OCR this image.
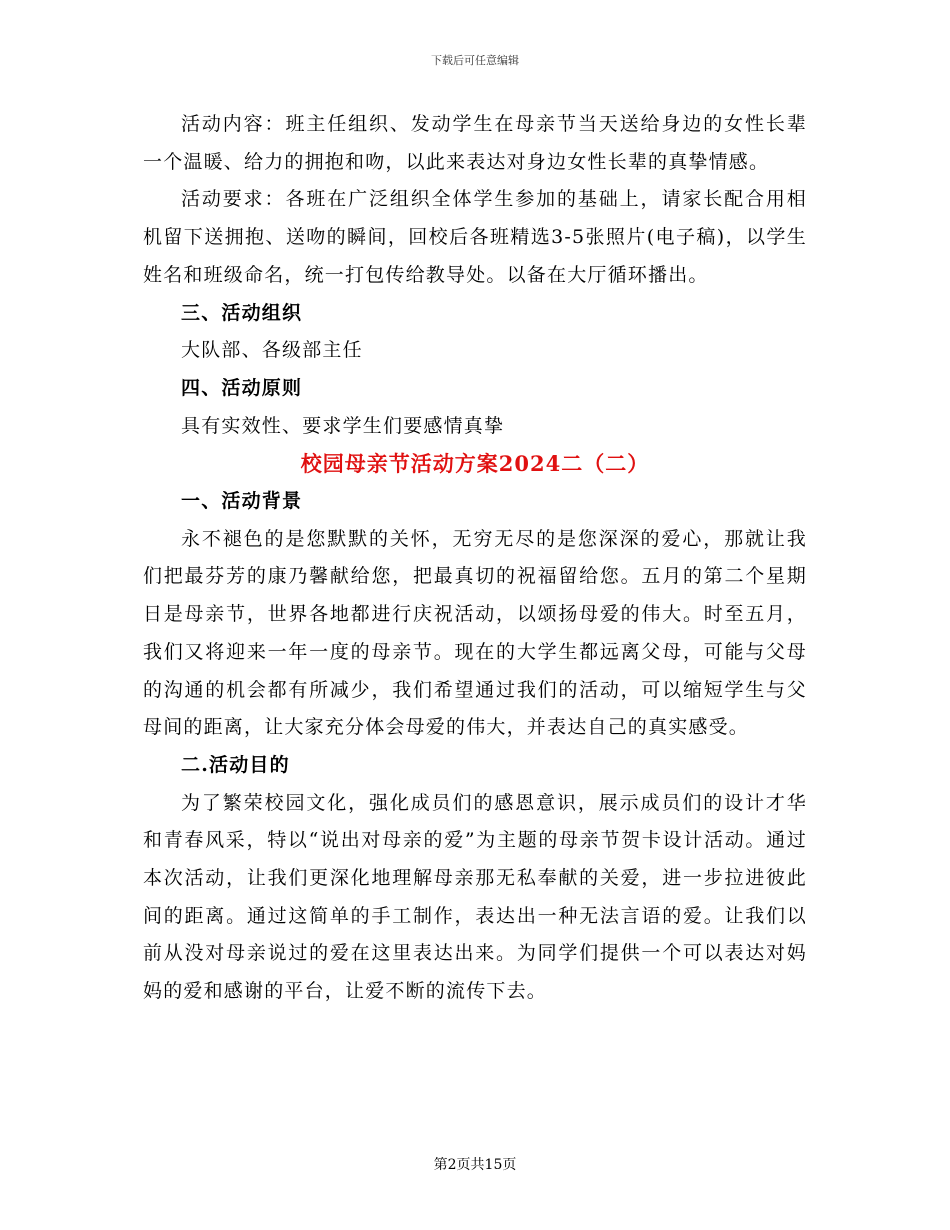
下载后可任意编辑

活动内容：班主任组织、发动学生在母亲节当天送给身边的女性长辈一个温暖、给力的拥抱和吻，以此来表达对身边女性长辈的真挚情感。

活动要求：各班在广泛组织全体学生参加的基础上，请家长配合用相机留下送拥抱、送吻的瞬间，回校后各班精选3-5张照片(电子稿)，以学生姓名和班级命名，统一打包传给教导处。以备在大厅循环播出。

三、活动组织

大队部、各级部主任

四、活动原则

具有实效性、要求学生们要感情真挚

校园母亲节活动方案2024二（二）

一、活动背景

永不褪色的是您默默的关怀，无穷无尽的是您深深的爱心，那就让我们把最芬芳的康乃馨献给您，把最真切的祝福留给您。五月的第二个星期日是母亲节，世界各地都进行庆祝活动，以颂扬母爱的伟大。时至五月，我们又将迎来一年一度的母亲节。现在的大学生都远离父母，可能与父母的沟通的机会都有所减少，我们希望通过我们的活动，可以缩短学生与父母间的距离，让大家充分体会母爱的伟大，并表达自己的真实感受。

二.活动目的

为了繁荣校园文化，强化成员们的感恩意识，展示成员们的设计才华和青春风采，特以“说出对母亲的爱”为主题的母亲节贺卡设计活动。通过本次活动，让我们更深化地理解母亲那无私奉献的关爱，进一步拉进彼此间的距离。通过这简单的手工制作，表达出一种无法言语的爱。让我们以前从没对母亲说过的爱在这里表达出来。为同学们提供一个可以表达对妈妈的爱和感谢的平台，让爱不断的流传下去。

第2页共15页
